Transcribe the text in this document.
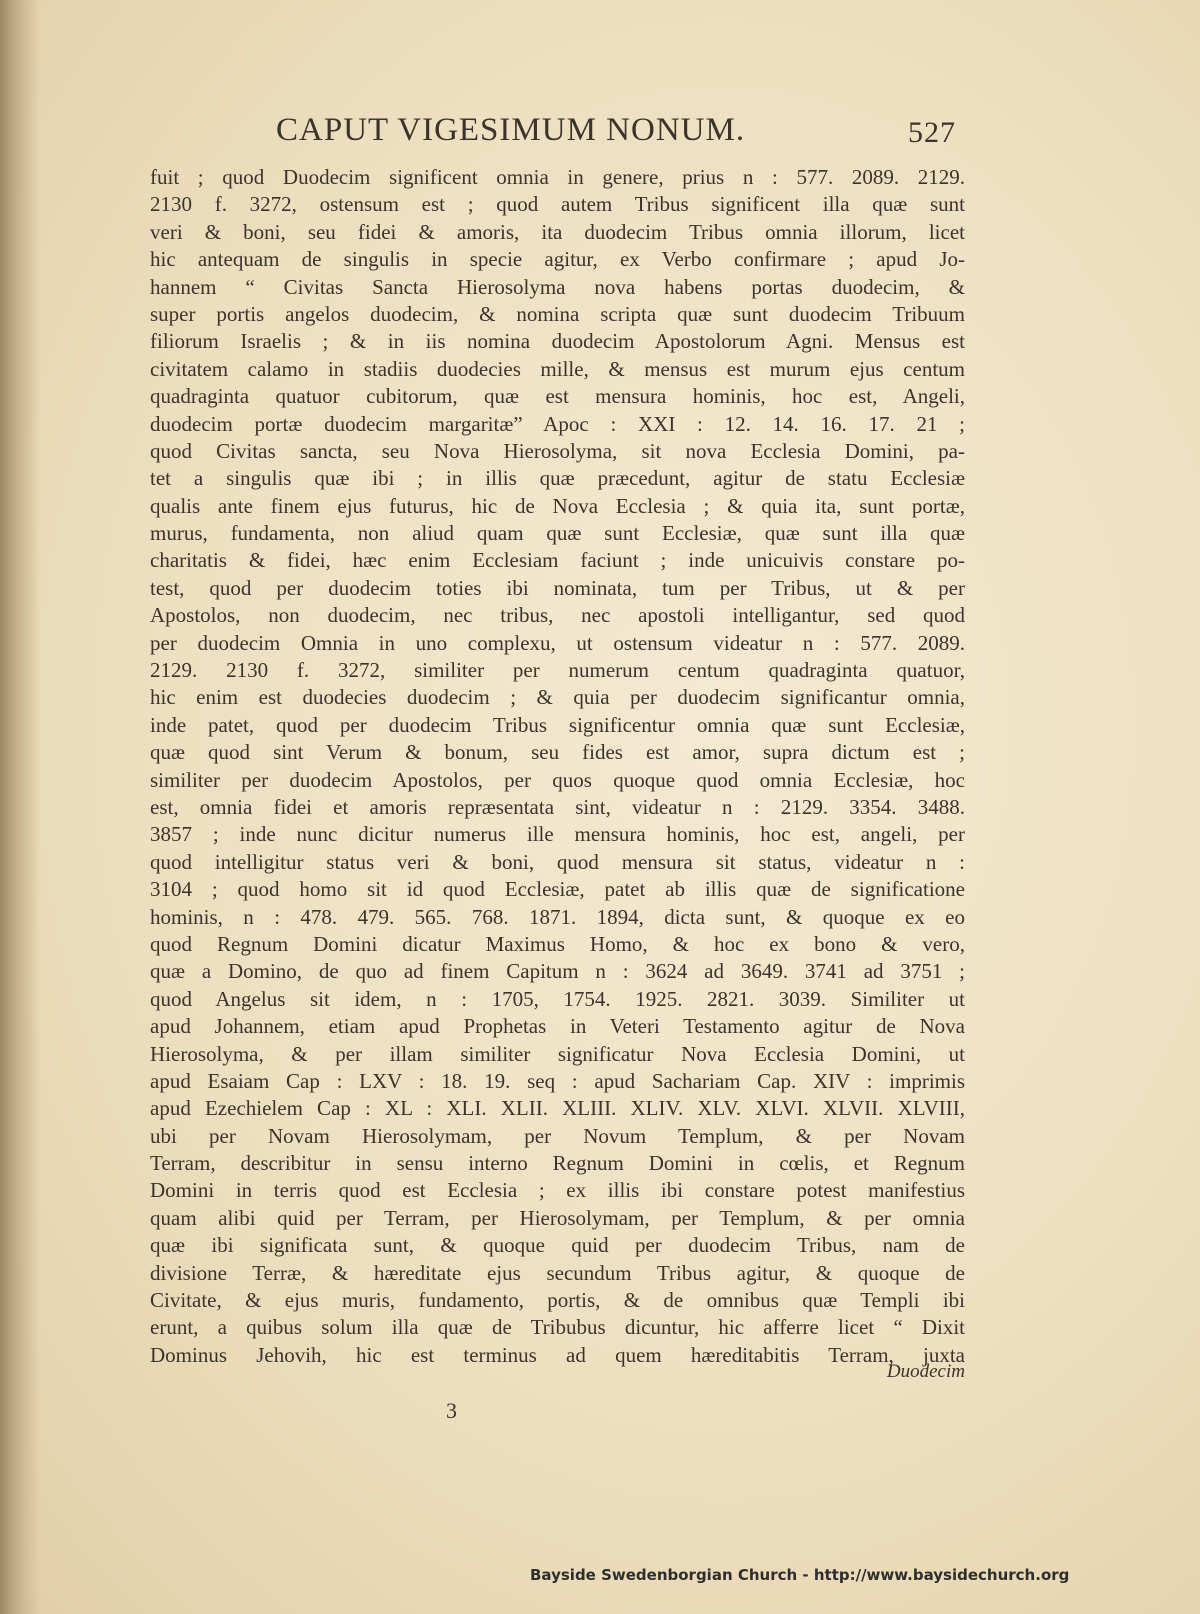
CAPUT VIGESIMUM NONUM.	527
fuit ; quod Duodecim significent omnia in genere, prius n : 577. 2089. 2129.
2130 f. 3272, ostensum est ; quod autem Tribus significent illa quæ sunt
veri & boni, seu fidei & amoris, ita duodecim Tribus omnia illorum, licet
hic antequam de singulis in specie agitur, ex Verbo confirmare ; apud Jo-
hannem “ Civitas Sancta Hierosolyma nova habens portas duodecim, &
super portis angelos duodecim, & nomina scripta quæ sunt duodecim Tribuum
filiorum Israelis ; & in iis nomina duodecim Apostolorum Agni. Mensus est
civitatem calamo in stadiis duodecies mille, & mensus est murum ejus centum
quadraginta quatuor cubitorum, quæ est mensura hominis, hoc est, Angeli,
duodecim portæ duodecim margaritæ” Apoc : XXI : 12. 14. 16. 17. 21 ;
quod Civitas sancta, seu Nova Hierosolyma, sit nova Ecclesia Domini, pa-
tet a singulis quæ ibi ; in illis quæ præcedunt, agitur de statu Ecclesiæ
qualis ante finem ejus futurus, hic de Nova Ecclesia ; & quia ita, sunt portæ,
murus, fundamenta, non aliud quam quæ sunt Ecclesiæ, quæ sunt illa quæ
charitatis & fidei, hæc enim Ecclesiam faciunt ; inde unicuivis constare po-
test, quod per duodecim toties ibi nominata, tum per Tribus, ut & per
Apostolos, non duodecim, nec tribus, nec apostoli intelligantur, sed quod
per duodecim Omnia in uno complexu, ut ostensum videatur n : 577. 2089.
2129. 2130 f. 3272, similiter per numerum centum quadraginta quatuor,
hic enim est duodecies duodecim ; & quia per duodecim significantur omnia,
inde patet, quod per duodecim Tribus significentur omnia quæ sunt Ecclesiæ,
quæ quod sint Verum & bonum, seu fides est amor, supra dictum est ;
similiter per duodecim Apostolos, per quos quoque quod omnia Ecclesiæ, hoc
est, omnia fidei et amoris repræsentata sint, videatur n : 2129. 3354. 3488.
3857 ; inde nunc dicitur numerus ille mensura hominis, hoc est, angeli, per
quod intelligitur status veri & boni, quod mensura sit status, videatur n :
3104 ; quod homo sit id quod Ecclesiæ, patet ab illis quæ de significatione
hominis, n : 478. 479. 565. 768. 1871. 1894, dicta sunt, & quoque ex eo
quod Regnum Domini dicatur Maximus Homo, & hoc ex bono & vero,
quæ a Domino, de quo ad finem Capitum n : 3624 ad 3649. 3741 ad 3751 ;
quod Angelus sit idem, n : 1705, 1754. 1925. 2821. 3039. Similiter ut
apud Johannem, etiam apud Prophetas in Veteri Testamento agitur de Nova
Hierosolyma, & per illam similiter significatur Nova Ecclesia Domini, ut
apud Esaiam Cap : LXV : 18. 19. seq : apud Sachariam Cap. XIV : imprimis
apud Ezechielem Cap : XL : XLI. XLII. XLIII. XLIV. XLV. XLVI. XLVII. XLVIII,
ubi per Novam Hierosolymam, per Novum Templum, & per Novam
Terram, describitur in sensu interno Regnum Domini in cœlis, et Regnum
Domini in terris quod est Ecclesia ; ex illis ibi constare potest manifestius
quam alibi quid per Terram, per Hierosolymam, per Templum, & per omnia
quæ ibi significata sunt, & quoque quid per duodecim Tribus, nam de
divisione Terræ, & hæreditate ejus secundum Tribus agitur, & quoque de
Civitate, & ejus muris, fundamento, portis, & de omnibus quæ Templi ibi
erunt, a quibus solum illa quæ de Tribubus dicuntur, hic afferre licet “ Dixit
Dominus Jehovih, hic est terminus ad quem hæreditabitis Terram, juxta
Duodecim
3
Bayside Swedenborgian Church - http://www.baysidechurch.org
